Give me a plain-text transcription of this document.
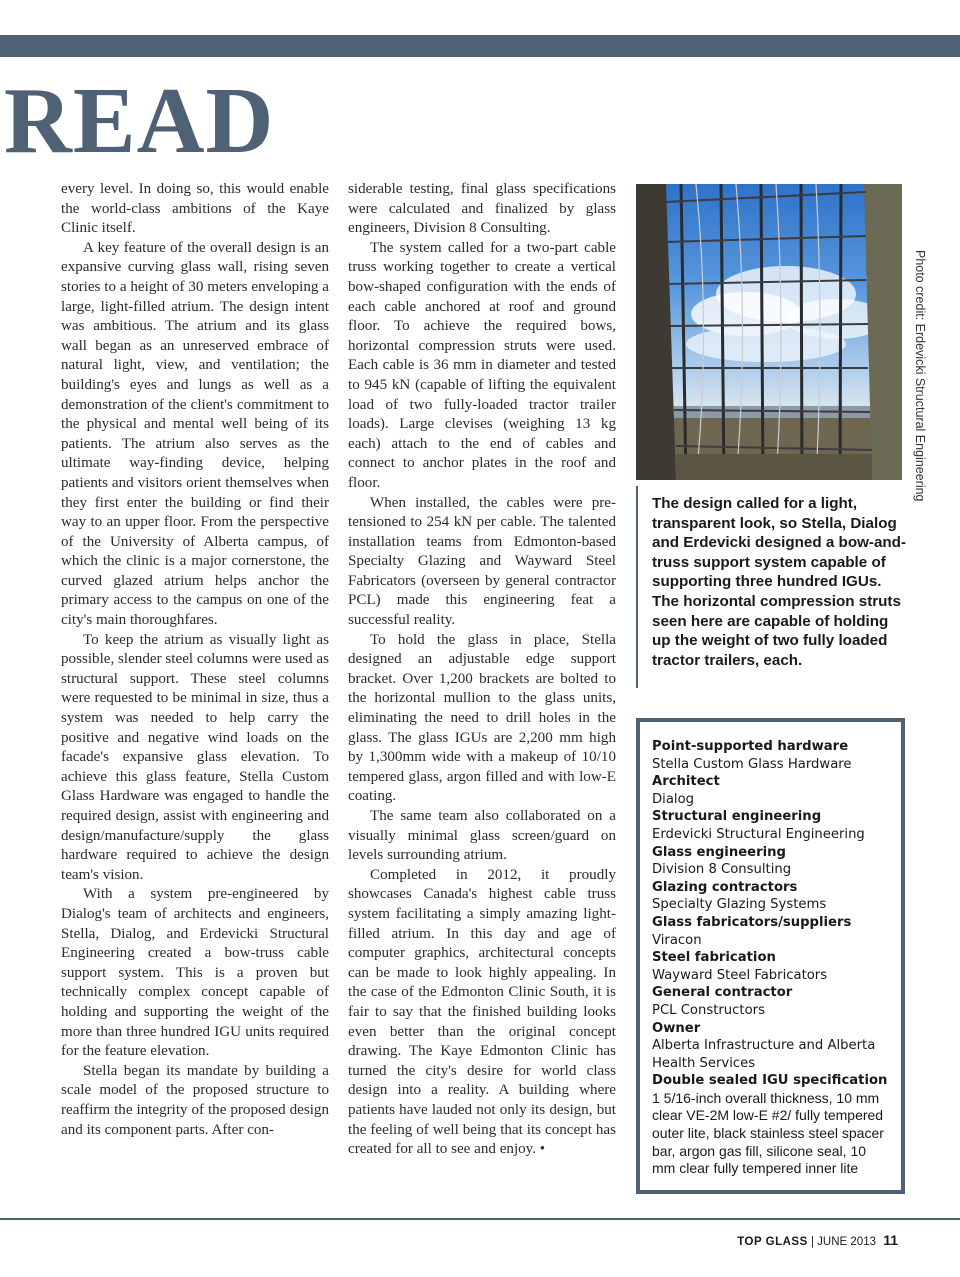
READ

every level. In doing so, this would enable the world-class ambitions of the Kaye Clinic itself.

A key feature of the overall design is an expansive curving glass wall, rising seven stories to a height of 30 meters enveloping a large, light-filled atrium. The design intent was ambitious. The atrium and its glass wall began as an unreserved embrace of natural light, view, and ventilation; the building's eyes and lungs as well as a demonstration of the client's commitment to the physical and mental well being of its patients. The atrium also serves as the ultimate way-finding device, helping patients and visitors orient themselves when they first enter the building or find their way to an upper floor. From the perspective of the University of Alberta campus, of which the clinic is a major cornerstone, the curved glazed atrium helps anchor the primary access to the campus on one of the city's main thoroughfares.

To keep the atrium as visually light as possible, slender steel columns were used as structural support. These steel columns were requested to be minimal in size, thus a system was needed to help carry the positive and negative wind loads on the facade's expansive glass elevation. To achieve this glass feature, Stella Custom Glass Hardware was engaged to handle the required design, assist with engineering and design/manufacture/supply the glass hardware required to achieve the design team's vision.

With a system pre-engineered by Dialog's team of architects and engineers, Stella, Dialog, and Erdevicki Structural Engineering created a bow-truss cable support system. This is a proven but technically complex concept capable of holding and supporting the weight of the more than three hundred IGU units required for the feature elevation.

Stella began its mandate by building a scale model of the proposed structure to reaffirm the integrity of the proposed design and its component parts. After con-

siderable testing, final glass specifications were calculated and finalized by glass engineers, Division 8 Consulting.

The system called for a two-part cable truss working together to create a vertical bow-shaped configuration with the ends of each cable anchored at roof and ground floor. To achieve the required bows, horizontal compression struts were used. Each cable is 36 mm in diameter and tested to 945 kN (capable of lifting the equivalent load of two fully-loaded tractor trailer loads). Large clevises (weighing 13 kg each) attach to the end of cables and connect to anchor plates in the roof and floor.

When installed, the cables were pre-tensioned to 254 kN per cable. The talented installation teams from Edmonton-based Specialty Glazing and Wayward Steel Fabricators (overseen by general contractor PCL) made this engineering feat a successful reality.

To hold the glass in place, Stella designed an adjustable edge support bracket. Over 1,200 brackets are bolted to the horizontal mullion to the glass units, eliminating the need to drill holes in the glass. The glass IGUs are 2,200 mm high by 1,300mm wide with a makeup of 10/10 tempered glass, argon filled and with low-E coating.

The same team also collaborated on a visually minimal glass screen/guard on levels surrounding atrium.

Completed in 2012, it proudly showcases Canada's highest cable truss system facilitating a simply amazing light-filled atrium. In this day and age of computer graphics, architectural concepts can be made to look highly appealing. In the case of the Edmonton Clinic South, it is fair to say that the finished building looks even better than the original concept drawing. The Kaye Edmonton Clinic has turned the city's desire for world class design into a reality. A building where patients have lauded not only its design, but the feeling of well being that its concept has created for all to see and enjoy. •

Photo credit: Erdevicki Structural Engineering
The design called for a light, transparent look, so Stella, Dialog and Erdevicki designed a bow-and-truss support system capable of supporting three hundred IGUs. The horizontal compression struts seen here are capable of holding up the weight of two fully loaded tractor trailers, each.
Point-supported hardware
Stella Custom Glass Hardware
Architect
Dialog
Structural engineering
Erdevicki Structural Engineering
Glass engineering
Division 8 Consulting
Glazing contractors
Specialty Glazing Systems
Glass fabricators/suppliers Viracon
Steel fabrication
Wayward Steel Fabricators
General contractor
PCL Constructors
Owner
Alberta Infrastructure and Alberta Health Services
Double sealed IGU specification
1 5/16-inch overall thickness, 10 mm clear VE-2M low-E #2/ fully tempered outer lite, black stainless steel spacer bar, argon gas fill, silicone seal, 10 mm clear fully tempered inner lite
TOP GLASS | JUNE 2013 11
